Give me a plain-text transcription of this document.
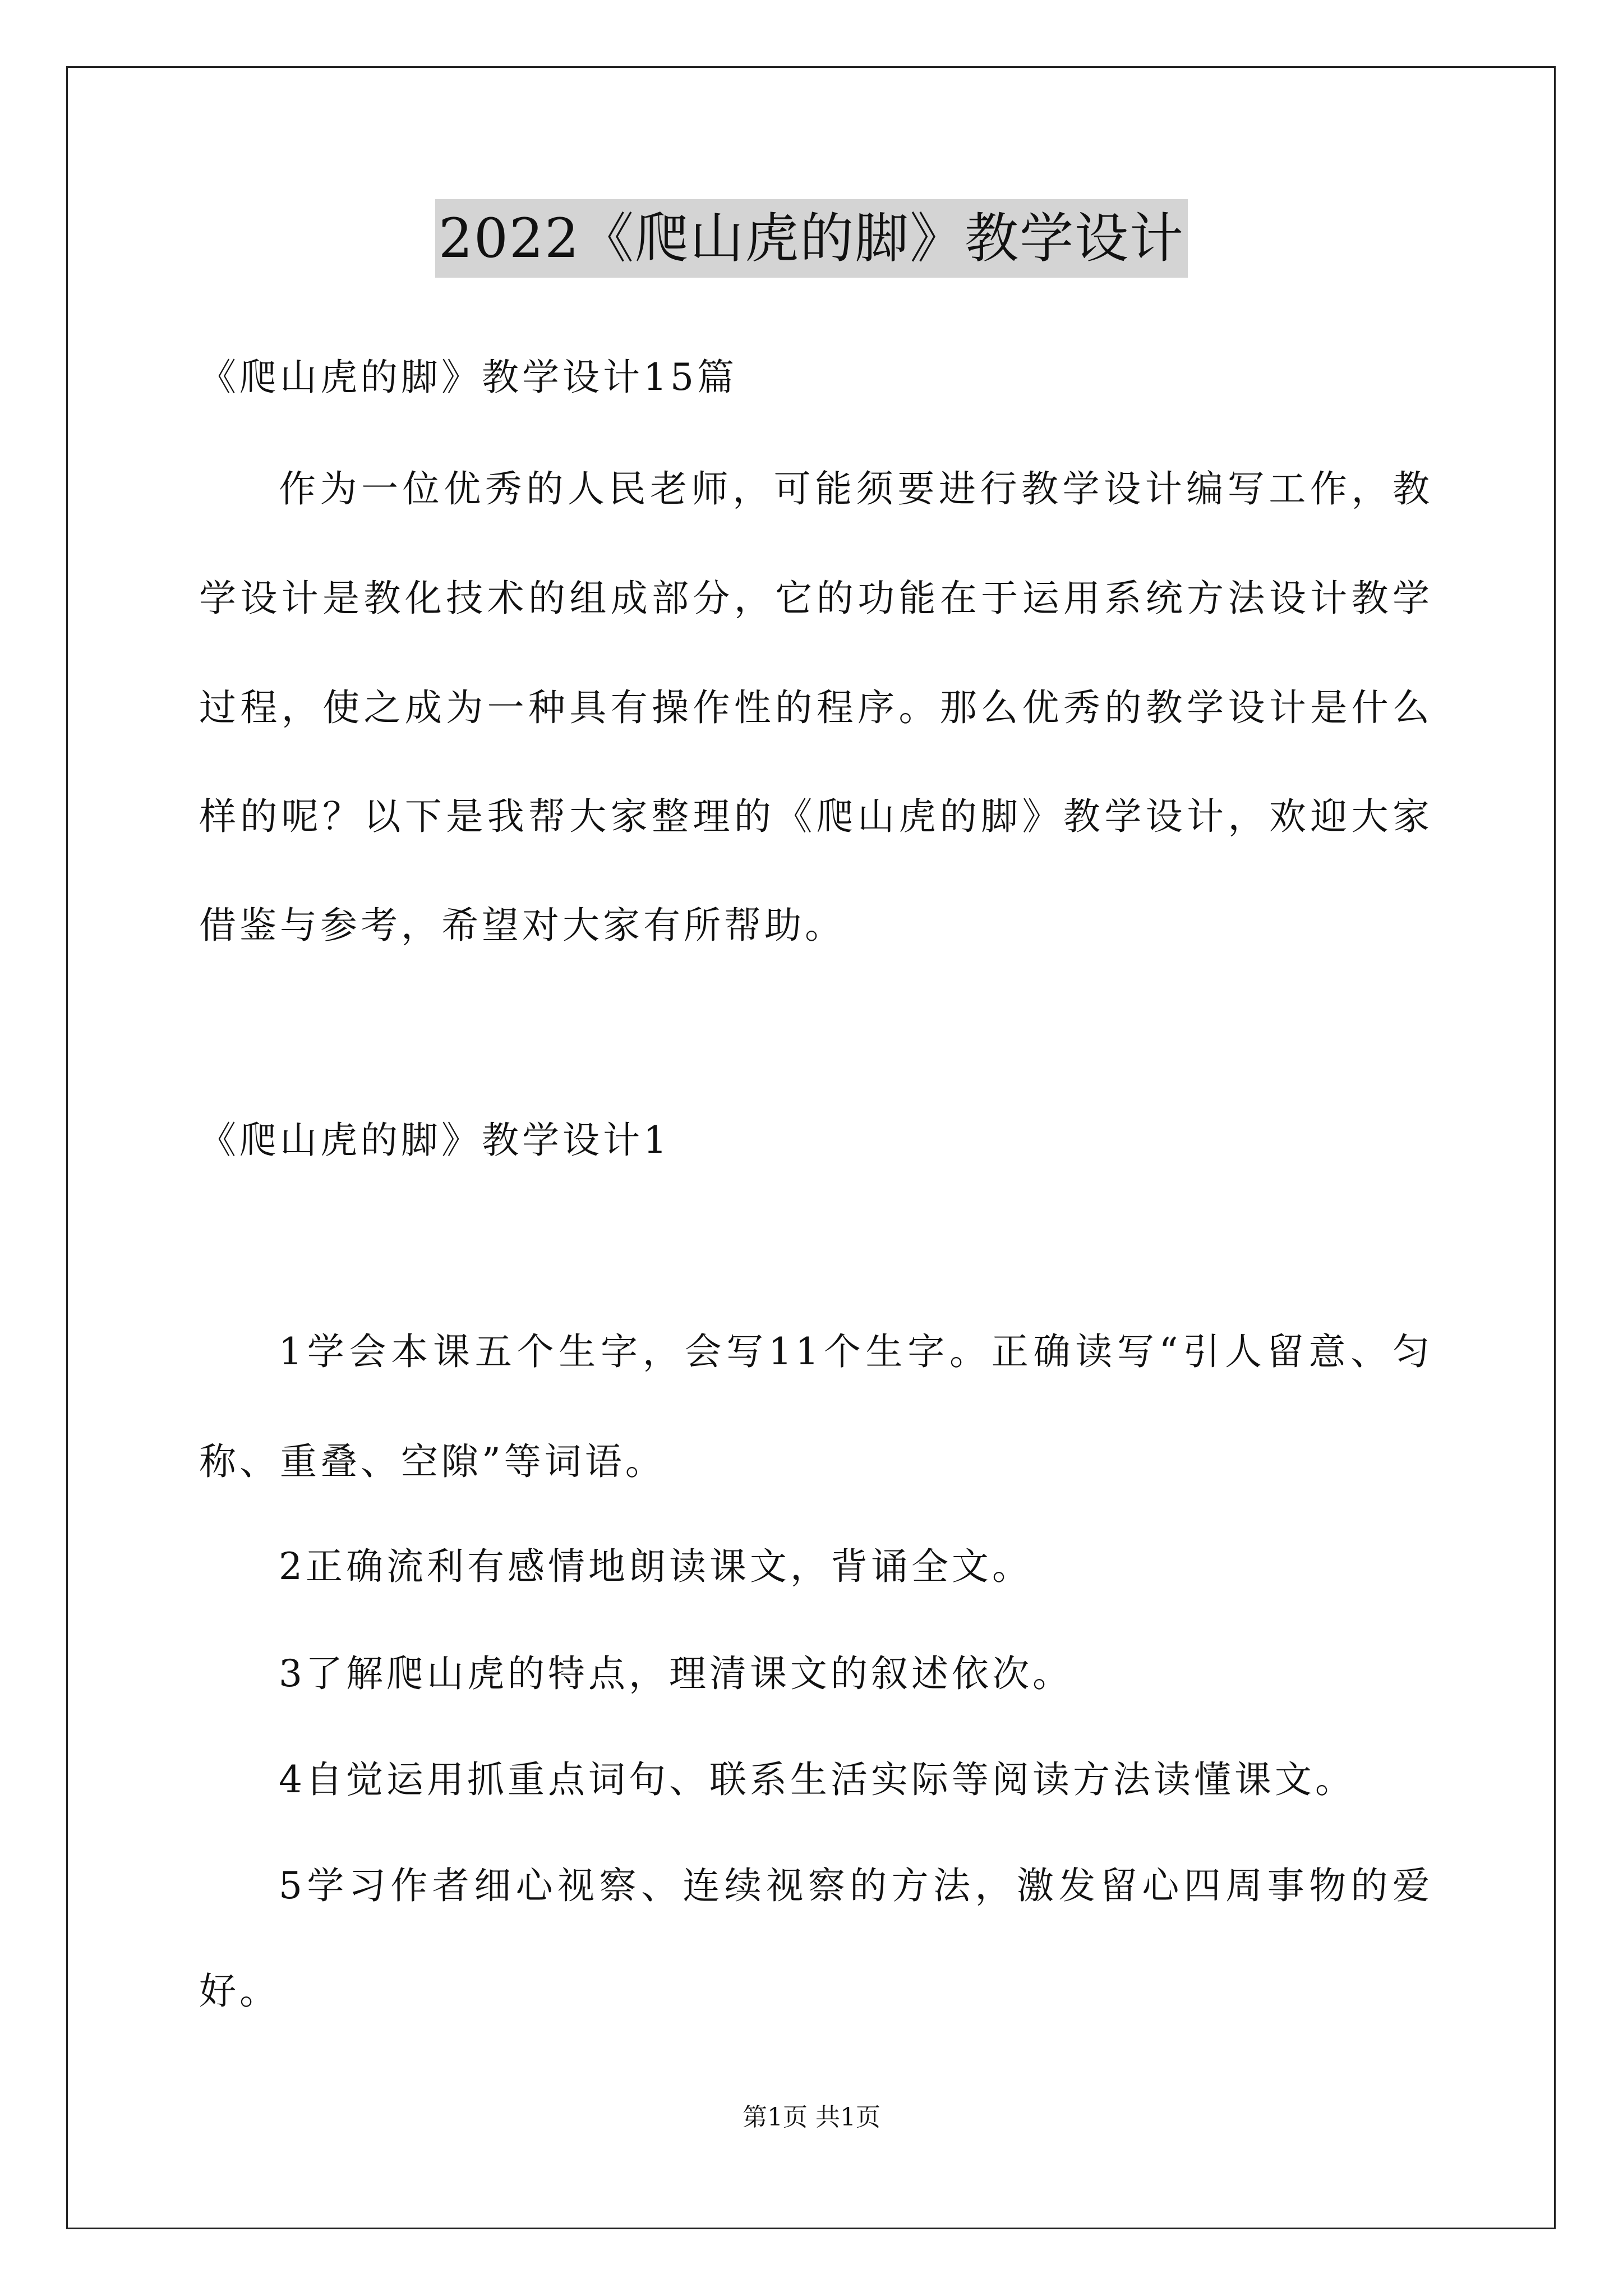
2022《爬山虎的脚》教学设计
《爬山虎的脚》教学设计15篇
作为一位优秀的人民老师，可能须要进行教学设计编写工作，教
学设计是教化技术的组成部分，它的功能在于运用系统方法设计教学
过程，使之成为一种具有操作性的程序。那么优秀的教学设计是什么
样的呢？以下是我帮大家整理的《爬山虎的脚》教学设计，欢迎大家
借鉴与参考，希望对大家有所帮助。
《爬山虎的脚》教学设计1
1学会本课五个生字，会写11个生字。正确读写“引人留意、匀
称、重叠、空隙”等词语。
2正确流利有感情地朗读课文，背诵全文。
3了解爬山虎的特点，理清课文的叙述依次。
4自觉运用抓重点词句、联系生活实际等阅读方法读懂课文。
5学习作者细心视察、连续视察的方法，激发留心四周事物的爱
好。
第1页 共1页
